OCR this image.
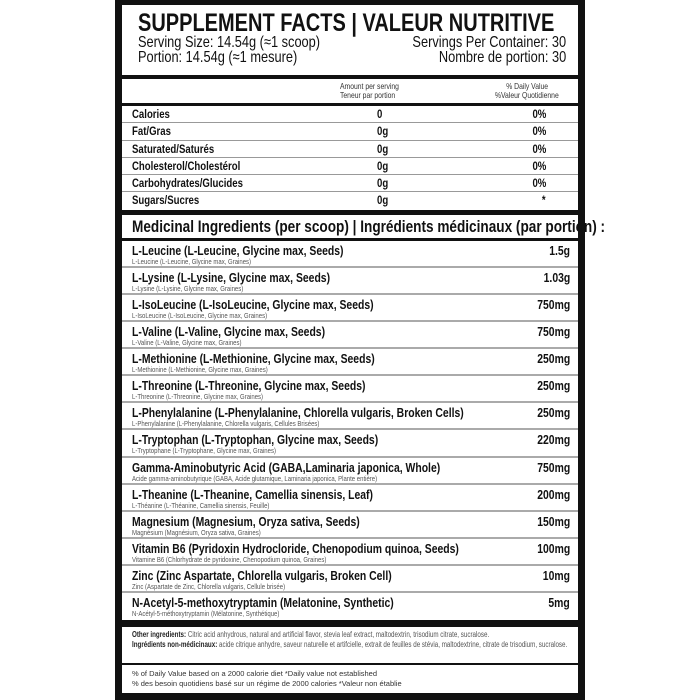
SUPPLEMENT FACTS | VALEUR NUTRITIVE
Serving Size: 14.54g (≈1 scoop)	Servings Per Container: 30
Portion: 14.54g (≈1 mesure)	Nombre de portion: 30
Amount per serving
Teneur par portion
% Daily Value
%Valeur Quotidienne
Calories	0	0%
Fat/Gras	0g	0%
Saturated/Saturés	0g	0%
Cholesterol/Cholestérol	0g	0%
Carbohydrates/Glucides	0g	0%
Sugars/Sucres	0g	*
Medicinal Ingredients (per scoop) | Ingrédients médicinaux (par portion) :
L-Leucine (L-Leucine, Glycine max, Seeds)
L-Leucine (L-Leucine, Glycine max, Graines)
1.5g
L-Lysine (L-Lysine, Glycine max, Seeds)
L-Lysine (L-Lysine, Glycine max, Graines)
1.03g
L-IsoLeucine (L-IsoLeucine, Glycine max, Seeds)
L-IsoLeucine (L-IsoLeucine, Glycine max, Graines)
750mg
L-Valine (L-Valine, Glycine max, Seeds)
L-Valine (L-Valine, Glycine max, Graines)
750mg
L-Methionine (L-Methionine, Glycine max, Seeds)
L-Methionine (L-Methionine, Glycine max, Graines)
250mg
L-Threonine (L-Threonine, Glycine max, Seeds)
L-Threonine (L-Threonine, Glycine max, Graines)
250mg
L-Phenylalanine (L-Phenylalanine, Chlorella vulgaris, Broken Cells)
L-Phenylalanine (L-Phenylalanine, Chlorella vulgaris, Cellules Brisées)
250mg
L-Tryptophan (L-Tryptophan, Glycine max, Seeds)
L-Tryptophane (L-Tryptophane, Glycine max, Graines)
220mg
Gamma-Aminobutyric Acid (GABA,Laminaria japonica, Whole)
Acide gamma-aminobutyrique (GABA, Acide glutamique, Laminaria japonica, Plante entière)
750mg
L-Theanine (L-Theanine, Camellia sinensis, Leaf)
L-Théanine (L-Théanine, Camellia sinensis, Feuille)
200mg
Magnesium (Magnesium, Oryza sativa, Seeds)
Magnésium (Magnésium, Oryza sativa, Graines)
150mg
Vitamin B6 (Pyridoxin Hydrocloride, Chenopodium quinoa, Seeds)
Vitamine B6 (Chlorhydrate de pyridoxine, Chenopodium quinoa, Graines)
100mg
Zinc (Zinc Aspartate, Chlorella vulgaris, Broken Cell)
Zinc (Aspartate de Zinc, Chlorella vulgaris, Cellule brisée)
10mg
N-Acetyl-5-methoxytryptamin (Melatonine, Synthetic)
N-Acétyl-5-méthoxytryptamin (Mélatonine, Synthétique)
5mg
Other ingredients: Citric acid anhydrous, natural and artificial flavor, stevia leaf extract, maltodextrin, trisodium citrate, sucralose.
Ingrédients non-médicinaux: acide citrique anhydre, saveur naturelle et artifcielle, extrait de feuilles de stévia, maltodextrine, citrate de trisodium, sucralose.
% of Daily Value based on a 2000 calorie diet *Daily value not established
% des besoin quotidiens basé sur un régime de 2000 calories *Valeur non établie
